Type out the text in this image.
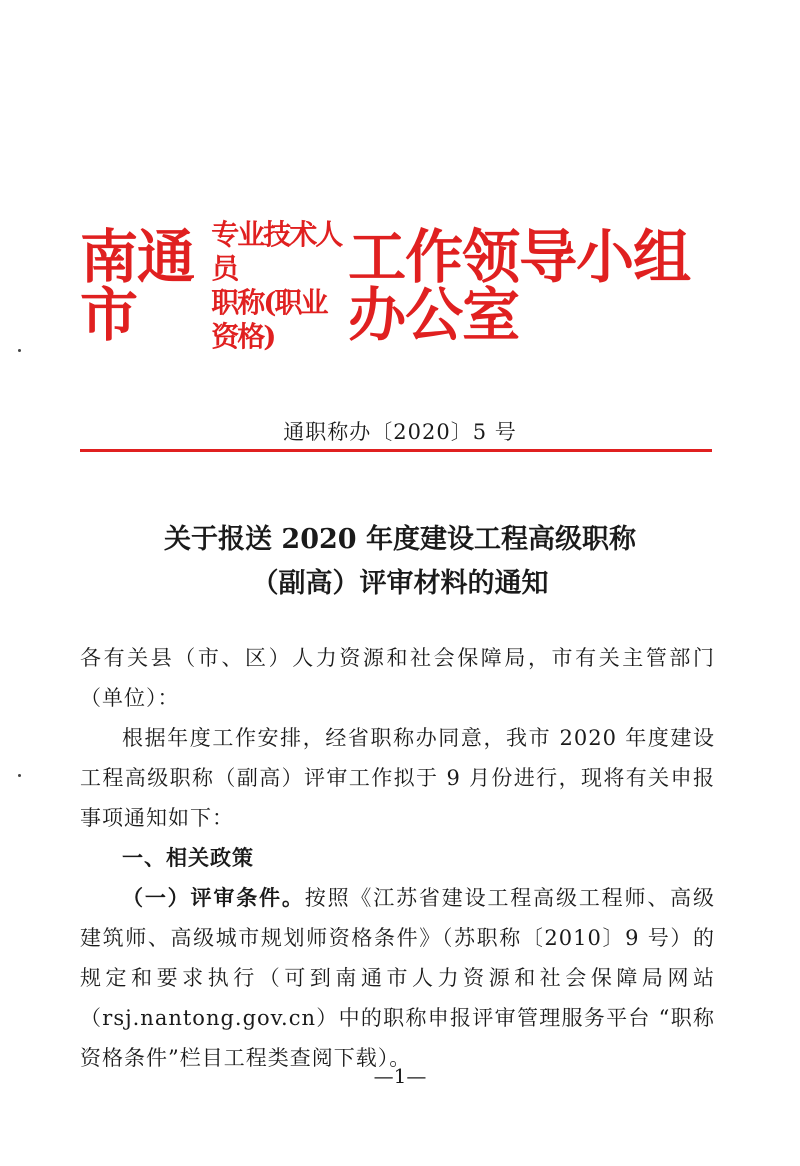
南通市
专业技术人员
职称(职业资格)
工作领导小组办公室
通职称办〔2020〕5 号
关于报送 2020 年度建设工程高级职称
（副高）评审材料的通知

各有关县（市、区）人力资源和社会保障局，市有关主管部门（单位）：

根据年度工作安排，经省职称办同意，我市 2020 年度建设工程高级职称（副高）评审工作拟于 9 月份进行，现将有关申报事项通知如下：

一、相关政策

（一）评审条件。按照《江苏省建设工程高级工程师、高级建筑师、高级城市规划师资格条件》（苏职称〔2010〕9 号）的规定和要求执行（可到南通市人力资源和社会保障局网站（rsj.nantong.gov.cn）中的职称申报评审管理服务平台 “职称资格条件”栏目工程类查阅下载）。

—1—
